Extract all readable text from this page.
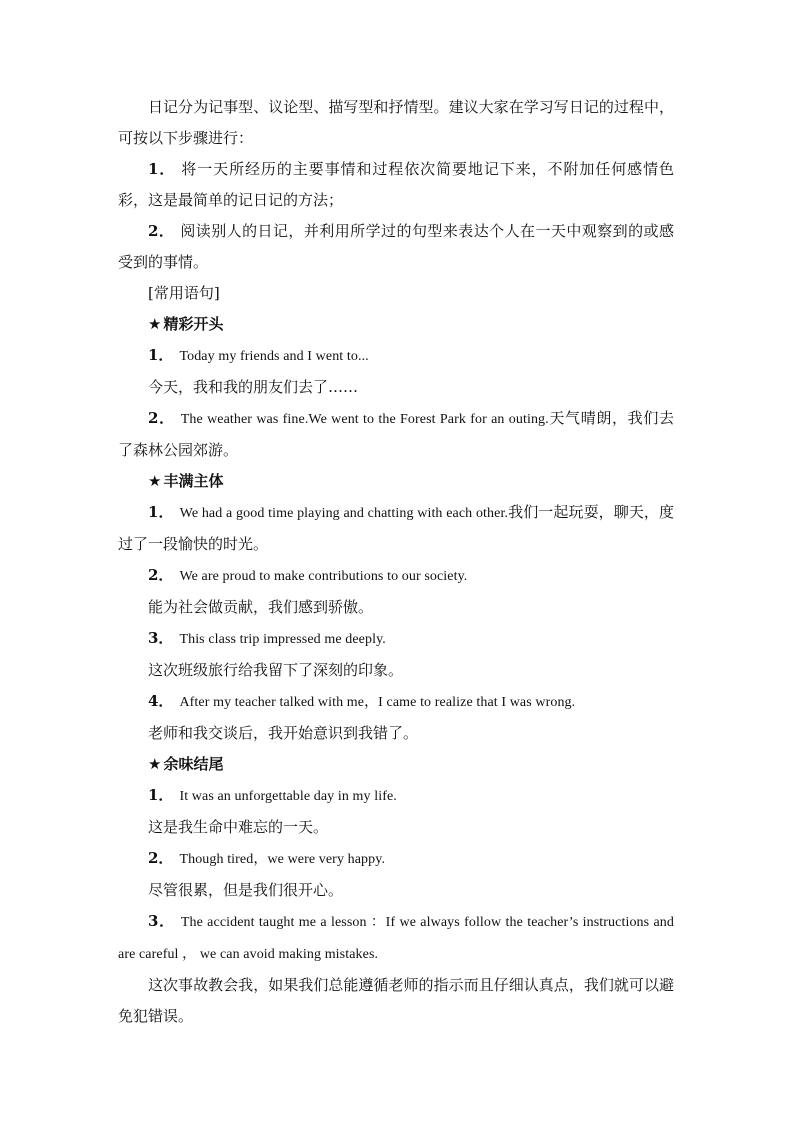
日记分为记事型、议论型、描写型和抒情型。建议大家在学习写日记的过程中，可按以下步骤进行：

1． 将一天所经历的主要事情和过程依次简要地记下来，不附加任何感情色彩，这是最简单的记日记的方法；

2． 阅读别人的日记，并利用所学过的句型来表达个人在一天中观察到的或感受到的事情。

[常用语句]

★ 精彩开头

1． Today my friends and I went to...

今天，我和我的朋友们去了……

2． The weather was fine.We went to the Forest Park for an outing.天气晴朗，我们去了森林公园郊游。

★ 丰满主体

1． We had a good time playing and chatting with each other.我们一起玩耍，聊天，度过了一段愉快的时光。

2． We are proud to make contributions to our society.

能为社会做贡献，我们感到骄傲。

3． This class trip impressed me deeply.

这次班级旅行给我留下了深刻的印象。

4． After my teacher talked with me，I came to realize that I was wrong.

老师和我交谈后，我开始意识到我错了。

★ 余味结尾

1． It was an unforgettable day in my life.

这是我生命中难忘的一天。

2． Though tired，we were very happy.

尽管很累，但是我们很开心。

3． The accident taught me a lesson ：If we always follow the teacher’s instructions and are careful ， we can avoid making mistakes.

这次事故教会我，如果我们总能遵循老师的指示而且仔细认真点，我们就可以避免犯错误。
